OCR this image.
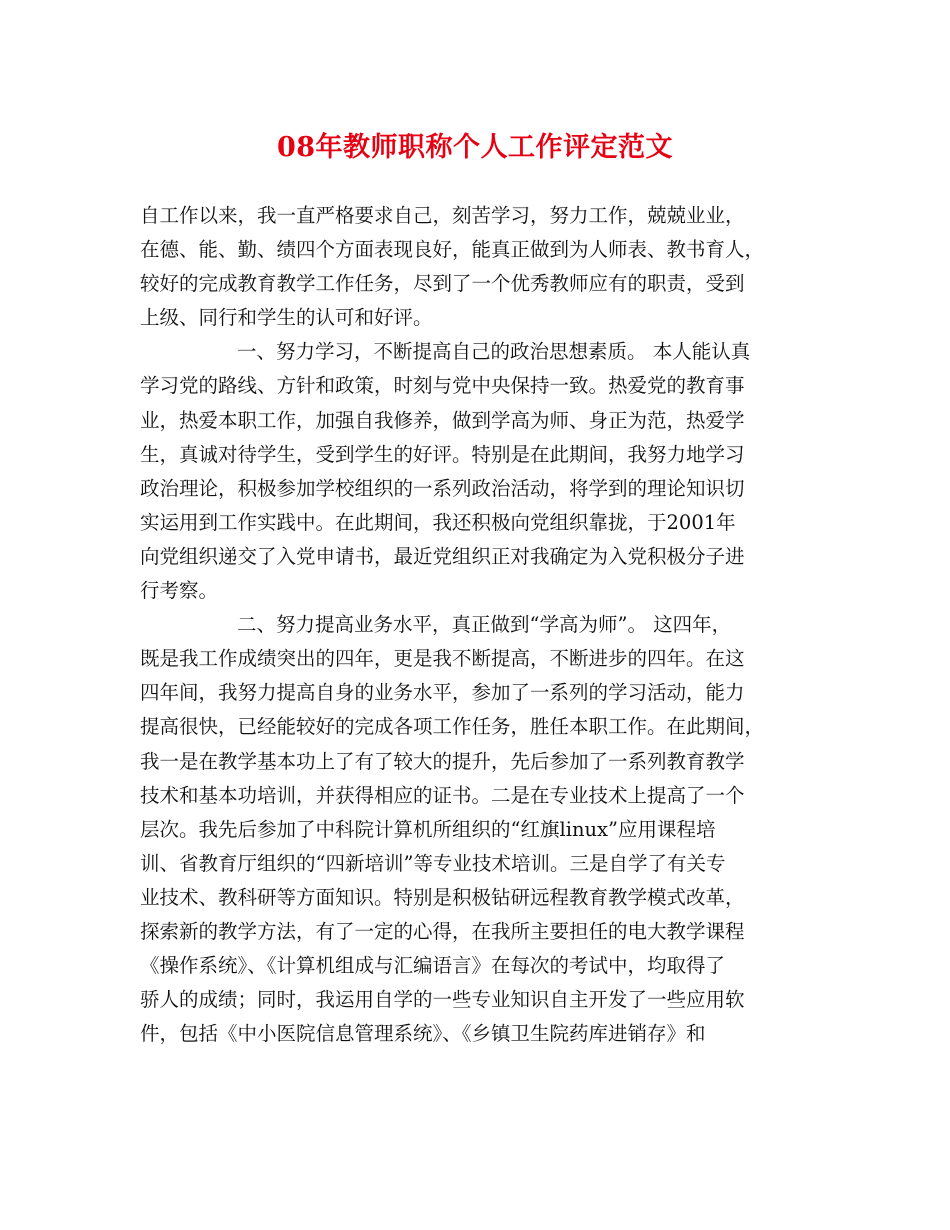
08年教师职称个人工作评定范文
自工作以来，我一直严格要求自己，刻苦学习，努力工作，兢兢业业，
在德、能、勤、绩四个方面表现良好，能真正做到为人师表、教书育人，
较好的完成教育教学工作任务，尽到了一个优秀教师应有的职责，受到
上级、同行和学生的认可和好评。
一、努力学习，不断提高自己的政治思想素质。 本人能认真
学习党的路线、方针和政策，时刻与党中央保持一致。热爱党的教育事
业，热爱本职工作，加强自我修养，做到学高为师、身正为范，热爱学
生，真诚对待学生，受到学生的好评。特别是在此期间，我努力地学习
政治理论，积极参加学校组织的一系列政治活动，将学到的理论知识切
实运用到工作实践中。在此期间，我还积极向党组织靠拢，于2001年
向党组织递交了入党申请书，最近党组织正对我确定为入党积极分子进
行考察。
二、努力提高业务水平，真正做到“学高为师”。 这四年，
既是我工作成绩突出的四年，更是我不断提高，不断进步的四年。在这
四年间，我努力提高自身的业务水平，参加了一系列的学习活动，能力
提高很快，已经能较好的完成各项工作任务，胜任本职工作。在此期间，
我一是在教学基本功上了有了较大的提升，先后参加了一系列教育教学
技术和基本功培训，并获得相应的证书。二是在专业技术上提高了一个
层次。我先后参加了中科院计算机所组织的“红旗linux”应用课程培
训、省教育厅组织的“四新培训”等专业技术培训。三是自学了有关专
业技术、教科研等方面知识。特别是积极钻研远程教育教学模式改革，
探索新的教学方法，有了一定的心得，在我所主要担任的电大教学课程
《操作系统》、《计算机组成与汇编语言》在每次的考试中，均取得了
骄人的成绩；同时，我运用自学的一些专业知识自主开发了一些应用软
件，包括《中小医院信息管理系统》、《乡镇卫生院药库进销存》和
